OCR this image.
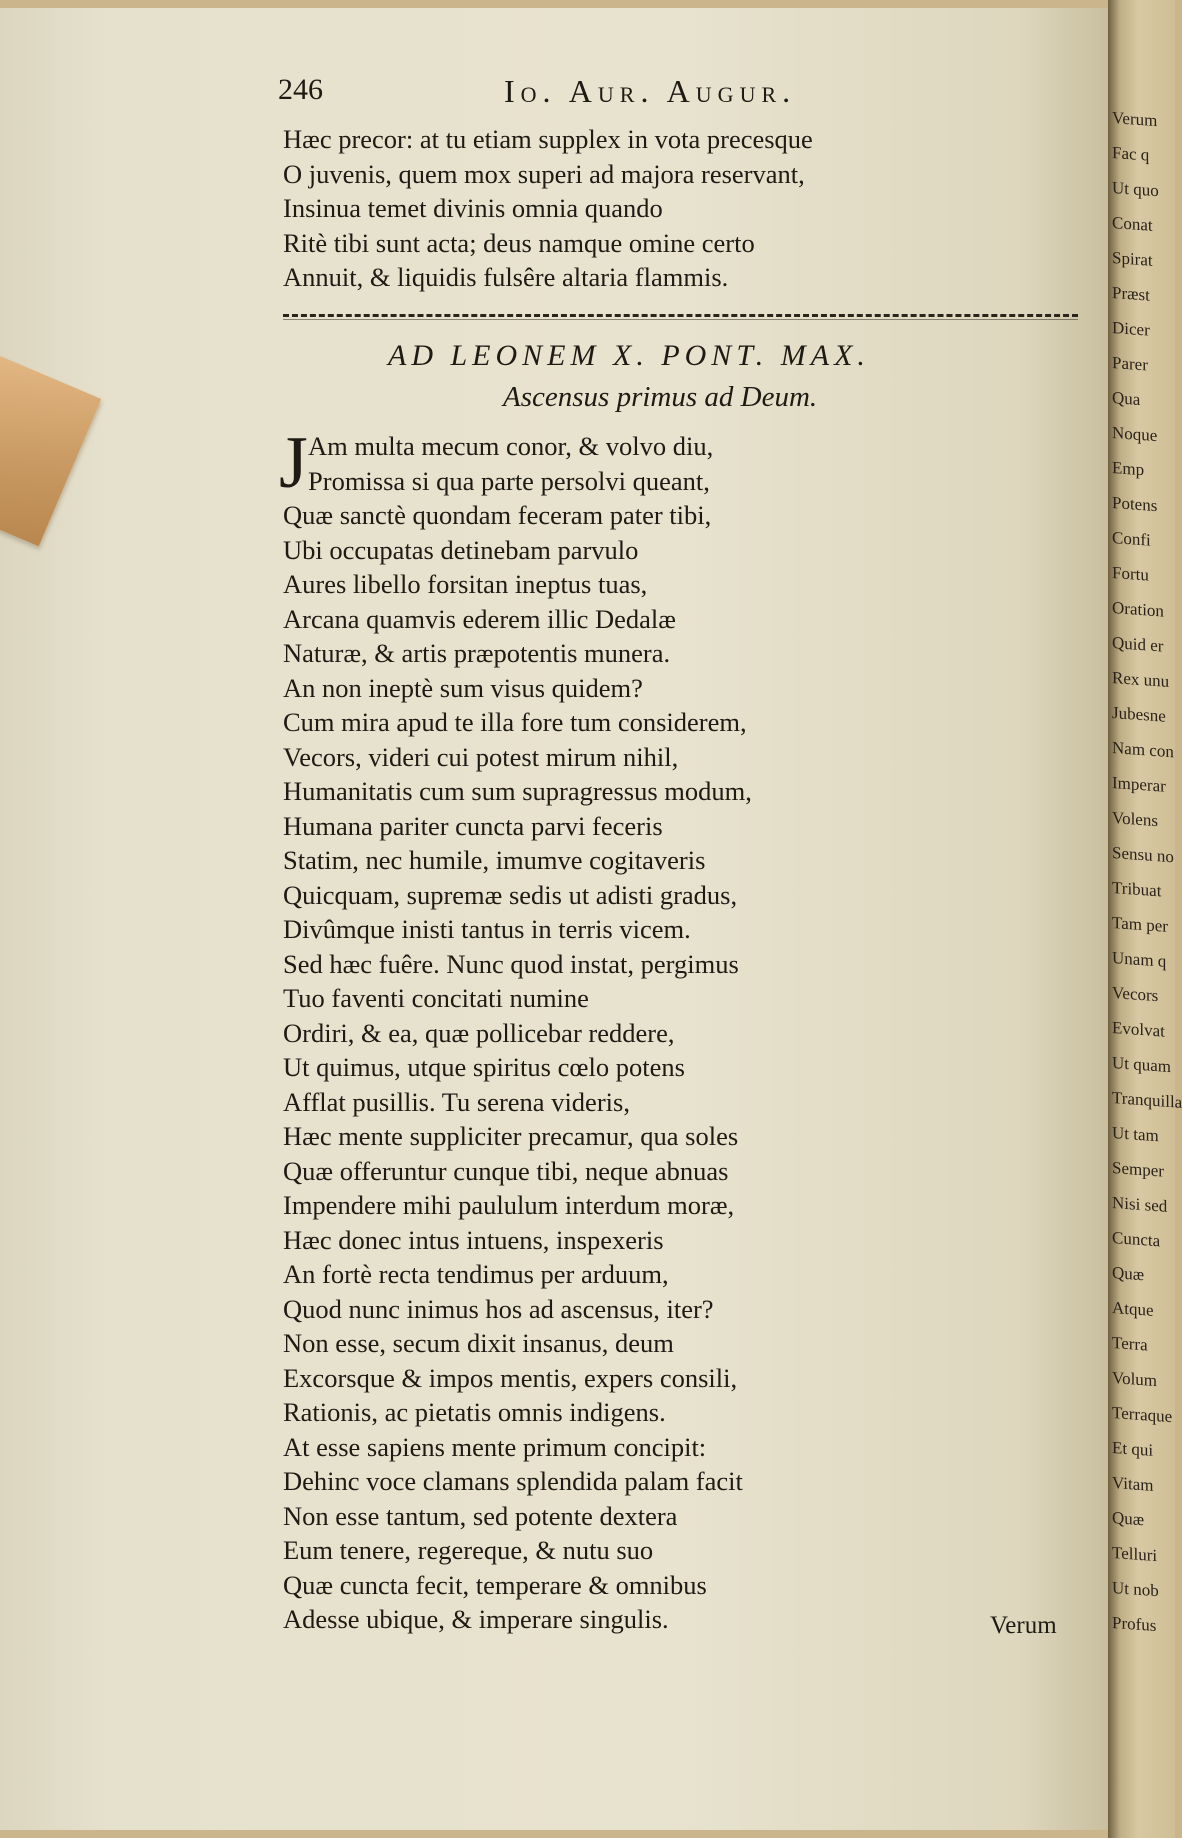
Verum
Fac q
Ut quo
Conat
Spirat
Præst
Dicer
Parer
Qua
Noque
Emp
Potens
Confi
Fortu
Oration
Quid er
Rex unu
Jubesne
Nam con
Imperar
Volens
Sensu no
Tribuat
Tam per
Unam q
Vecors
Evolvat
Ut quam
Tranquilla
Ut tam
Semper
Nisi sed
Cuncta
Quæ
Atque
Terra
Volum
Terraque
Et qui
Vitam
Quæ
Telluri
Ut nob
Profus
246	Io. Aur. Augur.
Hæc precor: at tu etiam supplex in vota precesque
O juvenis, quem mox superi ad majora reservant,
Insinua temet divinis omnia quando
Ritè tibi sunt acta; deus namque omine certo
Annuit, & liquidis fulsêre altaria flammis.
AD LEONEM X. PONT. MAX.
Ascensus primus ad Deum.
J Am multa mecum conor, & volvo diu,
Promissa si qua parte persolvi queant,
Quæ sanctè quondam feceram pater tibi,
Ubi occupatas detinebam parvulo
Aures libello forsitan ineptus tuas,
Arcana quamvis ederem illic Dedalæ
Naturæ, & artis præpotentis munera.
An non ineptè sum visus quidem?
Cum mira apud te illa fore tum considerem,
Vecors, videri cui potest mirum nihil,
Humanitatis cum sum supragressus modum,
Humana pariter cuncta parvi feceris
Statim, nec humile, imumve cogitaveris
Quicquam, supremæ sedis ut adisti gradus,
Divûmque inisti tantus in terris vicem.
Sed hæc fuêre. Nunc quod instat, pergimus
Tuo faventi concitati numine
Ordiri, & ea, quæ pollicebar reddere,
Ut quimus, utque spiritus cœlo potens
Afflat pusillis. Tu serena videris,
Hæc mente suppliciter precamur, qua soles
Quæ offeruntur cunque tibi, neque abnuas
Impendere mihi paululum interdum moræ,
Hæc donec intus intuens, inspexeris
An fortè recta tendimus per arduum,
Quod nunc inimus hos ad ascensus, iter?
Non esse, secum dixit insanus, deum
Excorsque & impos mentis, expers consili,
Rationis, ac pietatis omnis indigens.
At esse sapiens mente primum concipit:
Dehinc voce clamans splendida palam facit
Non esse tantum, sed potente dextera
Eum tenere, regereque, & nutu suo
Quæ cuncta fecit, temperare & omnibus
Adesse ubique, & imperare singulis.	Verum
